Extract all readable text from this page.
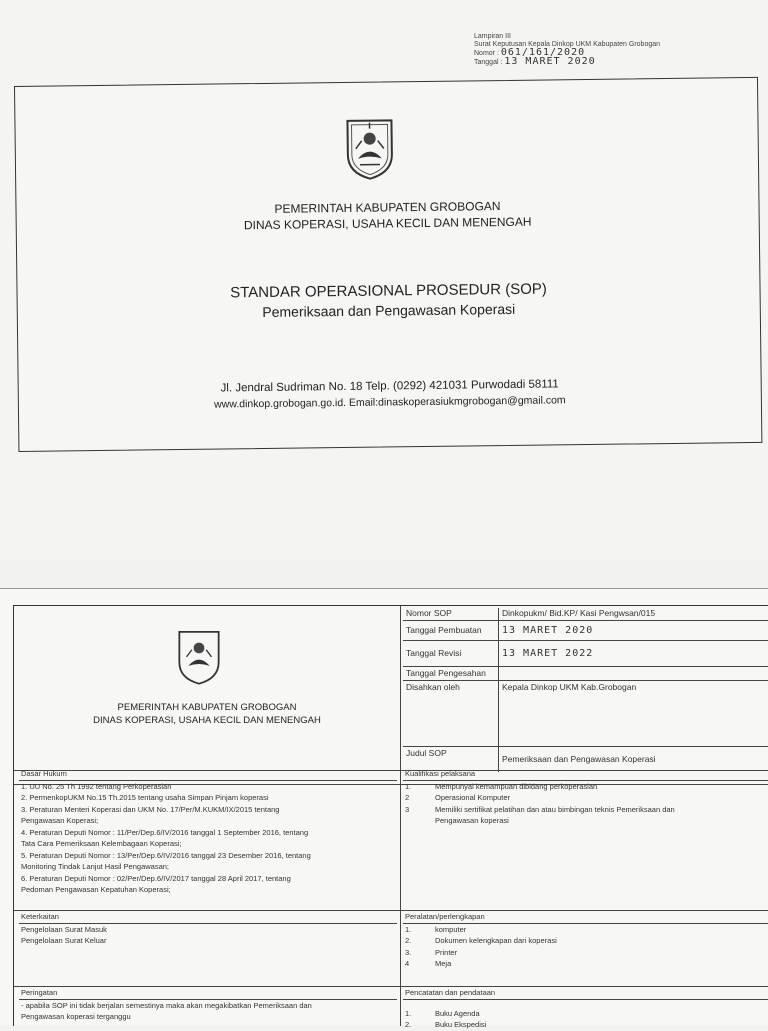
Lampiran III
Surat Keputusan Kepala Dinkop UKM Kabupaten Grobogan
Nomor : 061/161/2020
Tanggal : 13 MARET 2020
PEMERINTAH KABUPATEN GROBOGAN
DINAS KOPERASI, USAHA KECIL DAN MENENGAH
STANDAR OPERASIONAL PROSEDUR (SOP)
Pemeriksaan dan Pengawasan Koperasi
Jl. Jendral Sudriman No. 18 Telp. (0292) 421031 Purwodadi 58111
www.dinkop.grobogan.go.id. Email:dinaskoperasiukmgrobogan@gmail.com
PEMERINTAH KABUPATEN GROBOGAN
DINAS KOPERASI, USAHA KECIL DAN MENENGAH
Nomor SOP	Dinkopukm/ Bid.KP/ Kasi Pengwsan/015
Tanggal Pembuatan	13 MARET 2020
Tanggal Revisi	13 MARET 2022
Tanggal Pengesahan
Disahkan oleh	Kepala Dinkop UKM Kab.Grobogan
Judul SOP
Pemeriksaan dan Pengawasan Koperasi
Dasar Hukum
1. UU No. 25 Th 1992 tentang Perkoperasian
2. PermenkopUKM No.15 Th.2015 tentang usaha Simpan Pinjam koperasi
3. Peraturan Menteri Koperasi dan UKM No. 17/Per/M.KUKM/IX/2015 tentang
Pengawasan Koperasi;
4. Peraturan Deputi Nomor : 11/Per/Dep.6/IV/2016 tanggal 1 September 2016, tentang
Tata Cara Pemeriksaan Kelembagaan Koperasi;
5. Peraturan Deputi Nomor : 13/Per/Dep.6/IV/2016 tanggal 23 Desember 2016, tentang
Monitoring Tindak Lanjut Hasil Pengawasan;
6. Peraturan Deputi Nomor : 02/Per/Dep.6/IV/2017 tanggal 28 April 2017, tentang
Pedoman Pengawasan Kepatuhan Koperasi;
Kualifikasi pelaksana
1.	Mempunyai kemampuan dibidang perkoperasian
2	Operasional Komputer
3	Memiliki sertifikat pelatihan dan atau bimbingan teknis Pemeriksaan dan
Pengawasan koperasi
Keterkaitan
Pengelolaan Surat Masuk
Pengelolaan Surat Keluar
Peralatan/perlengkapan
1.	komputer
2.	Dokumen kelengkapan dari koperasi
3.	Printer
4	Meja
Peringatan
- apabila SOP ini tidak berjalan semestinya maka akan megakibatkan Pemeriksaan dan
Pengawasan koperasi terganggu
Pencatatan dan pendataan
1.	Buku Agenda
2.	Buku Ekspedisi
